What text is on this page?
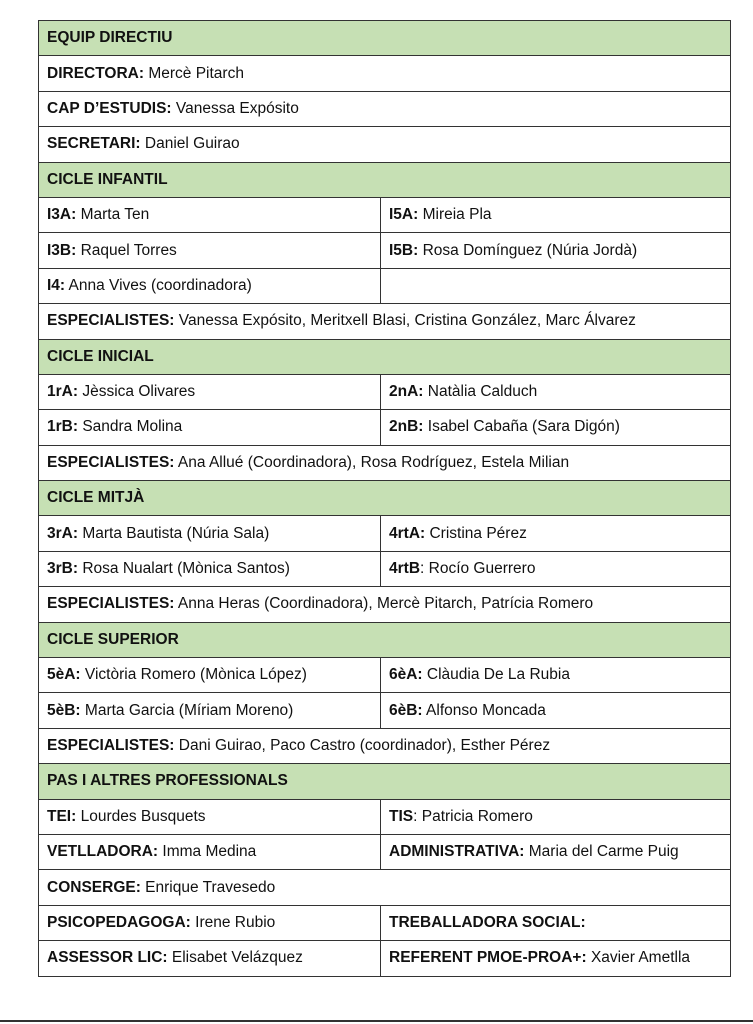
EQUIP DIRECTIU	
DIRECTORA: Mercè Pitarch	
CAP D’ESTUDIS: Vanessa Expósito	
SECRETARI: Daniel Guirao	
CICLE INFANTIL	
I3A: Marta Ten	I5A: Mireia Pla
I3B: Raquel Torres	I5B: Rosa Domínguez (Núria Jordà)
I4: Anna Vives (coordinadora)	
ESPECIALISTES: Vanessa Expósito, Meritxell Blasi, Cristina González, Marc Álvarez	
CICLE INICIAL	
1rA: Jèssica Olivares	2nA: Natàlia Calduch
1rB: Sandra Molina	2nB: Isabel Cabaña (Sara Digón)
ESPECIALISTES: Ana Allué (Coordinadora), Rosa Rodríguez, Estela Milian	
CICLE MITJÀ	
3rA: Marta Bautista (Núria Sala)	4rtA: Cristina Pérez
3rB: Rosa Nualart (Mònica Santos)	4rtB: Rocío Guerrero
ESPECIALISTES: Anna Heras (Coordinadora), Mercè Pitarch, Patrícia Romero	
CICLE SUPERIOR	
5èA: Victòria Romero (Mònica López)	6èA: Clàudia De La Rubia
5èB: Marta Garcia (Míriam Moreno)	6èB: Alfonso Moncada
ESPECIALISTES: Dani Guirao, Paco Castro (coordinador), Esther Pérez	
PAS I ALTRES PROFESSIONALS	
TEI: Lourdes Busquets	TIS: Patricia Romero
VETLLADORA: Imma Medina	ADMINISTRATIVA: Maria del Carme Puig
CONSERGE: Enrique Travesedo	
PSICOPEDAGOGA: Irene Rubio	TREBALLADORA SOCIAL:
ASSESSOR LIC: Elisabet Velázquez	REFERENT PMOE-PROA+: Xavier Ametlla
